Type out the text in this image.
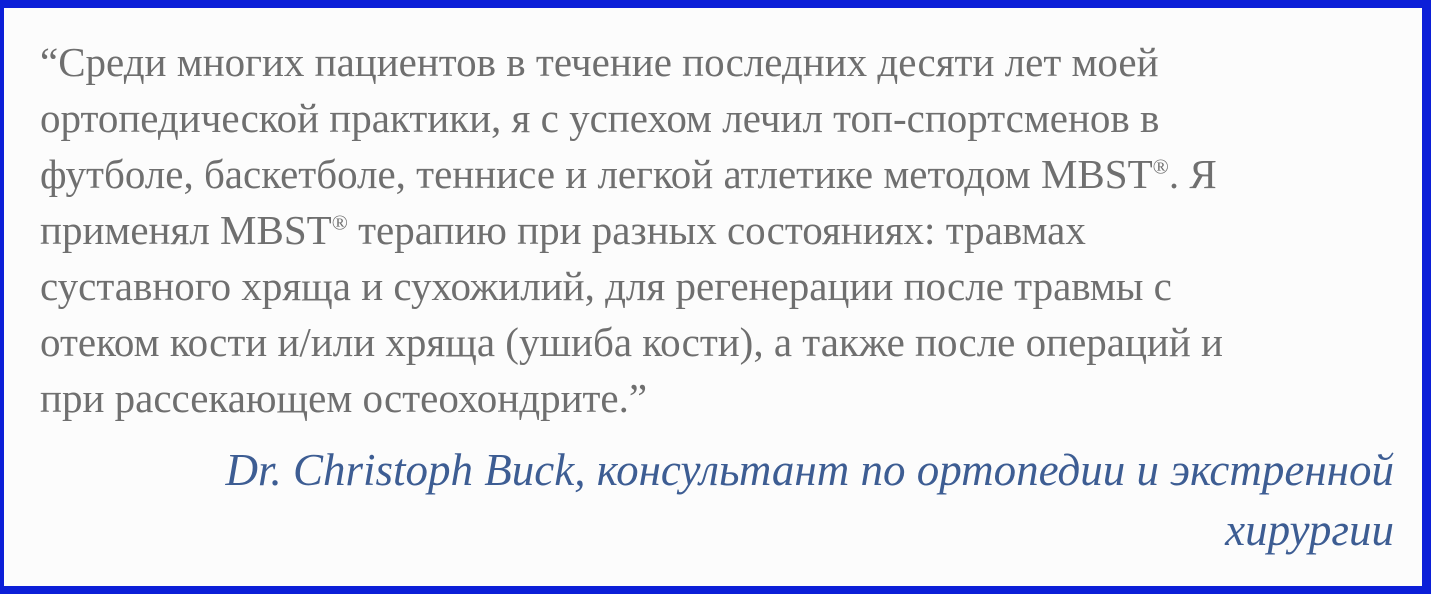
“Среди многих пациентов в течение последних десяти лет моей
ортопедической практики, я с успехом лечил топ-спортсменов в
футболе, баскетболе, теннисе и легкой атлетике методом MBST®. Я
применял MBST® терапию при разных состояниях: травмах
суставного хряща и сухожилий, для регенерации после травмы с
отеком кости и/или хряща (ушиба кости), а также после операций и
при рассекающем остеохондрите.”
Dr. Christoph Buck, консультант по ортопедии и экстренной
хирургии
